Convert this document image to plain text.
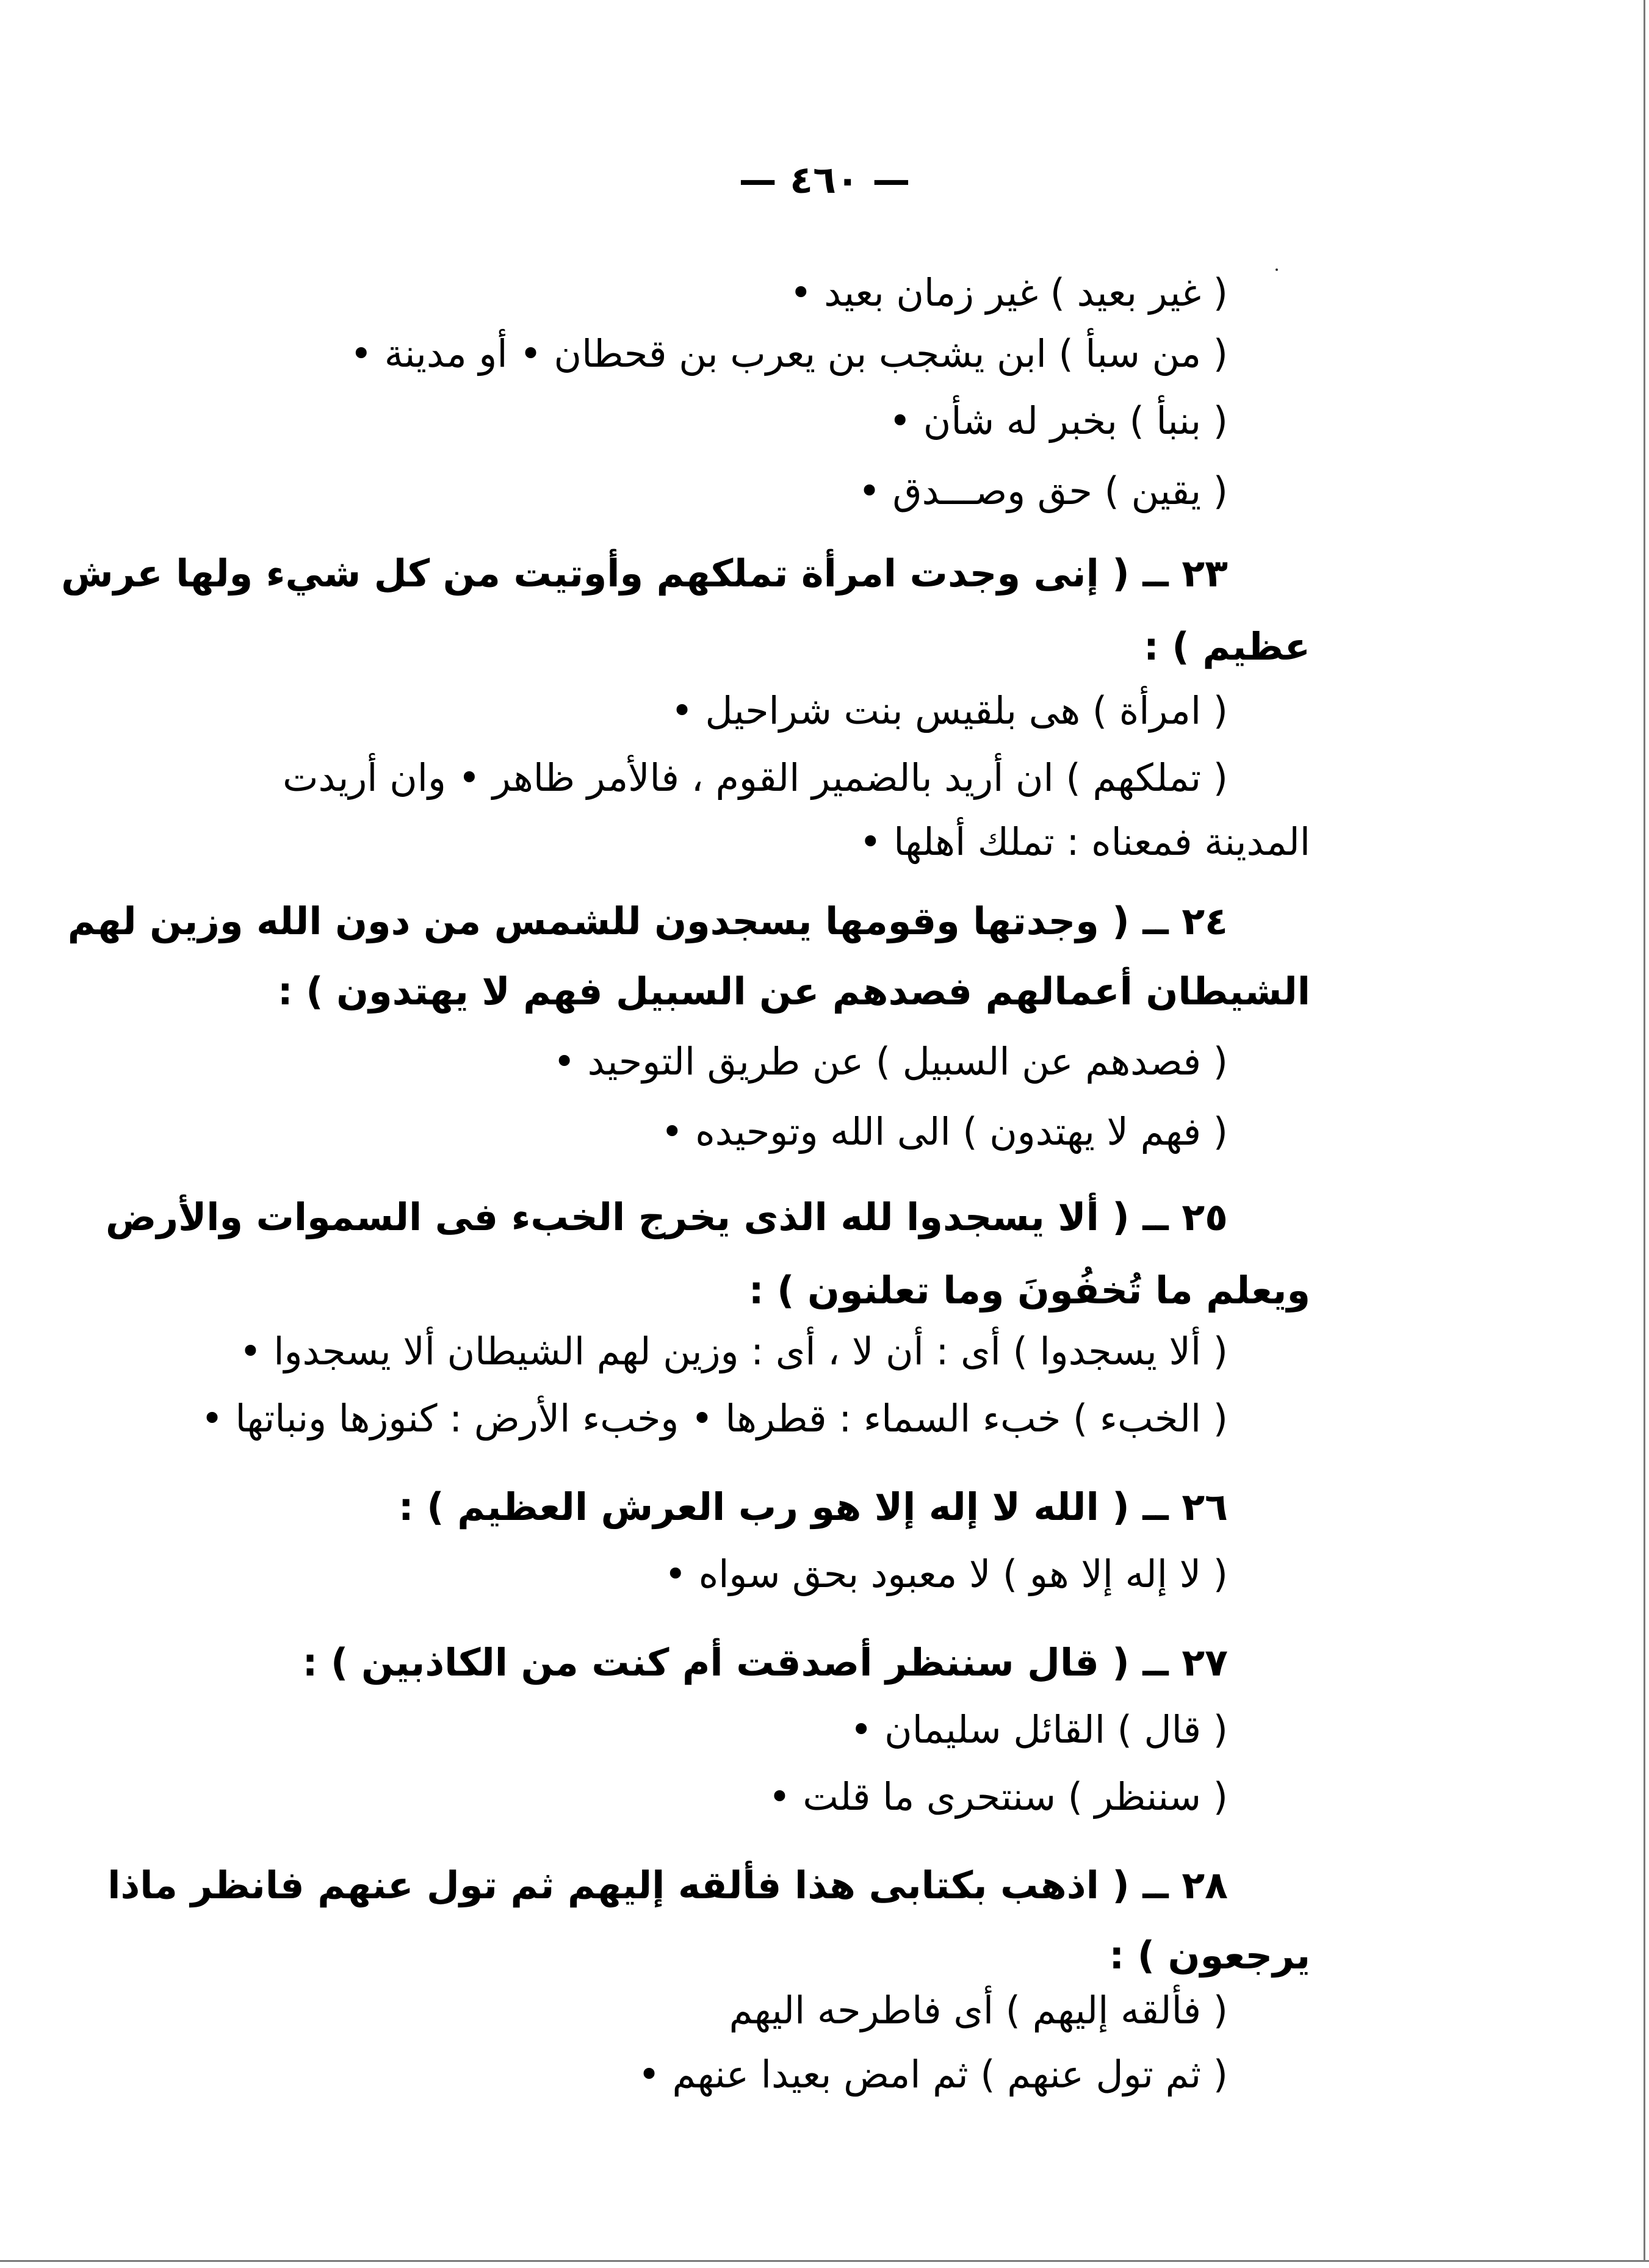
— ٤٦٠ —
( غير بعيد ) غير زمان بعيد •
( من سبأ ) ابن يشجب بن يعرب بن قحطان • أو مدينة •
( بنبأ ) بخبر له شأن •
( يقين ) حق وصـــدق •
٢٣ ــ ( إنى وجدت امرأة تملكهم وأوتيت من كل شيء ولها عرش
عظيم ) :
( امرأة ) هى بلقيس بنت شراحيل •
( تملكهم ) ان أريد بالضمير القوم ، فالأمر ظاهر • وان أريدت
المدينة فمعناه : تملك أهلها •
٢٤ ــ ( وجدتها وقومها يسجدون للشمس من دون الله وزين لهم
الشيطان أعمالهم فصدهم عن السبيل فهم لا يهتدون ) :
( فصدهم عن السبيل ) عن طريق التوحيد •
( فهم لا يهتدون ) الى الله وتوحيده •
٢٥ ــ ( ألا يسجدوا لله الذى يخرج الخبء فى السموات والأرض
ويعلم ما تُخفُونَ وما تعلنون ) :
( ألا يسجدوا ) أى : أن لا ، أى : وزين لهم الشيطان ألا يسجدوا •
( الخبء ) خبء السماء : قطرها • وخبء الأرض : كنوزها ونباتها •
٢٦ ــ ( الله لا إله إلا هو رب العرش العظيم ) :
( لا إله إلا هو ) لا معبود بحق سواه •
٢٧ ــ ( قال سننظر أصدقت أم كنت من الكاذبين ) :
( قال ) القائل سليمان •
( سننظر ) سنتحرى ما قلت •
٢٨ ــ ( اذهب بكتابى هذا فألقه إليهم ثم تول عنهم فانظر ماذا
يرجعون ) :
( فألقه إليهم ) أى فاطرحه اليهم
( ثم تول عنهم ) ثم امض بعيدا عنهم •
